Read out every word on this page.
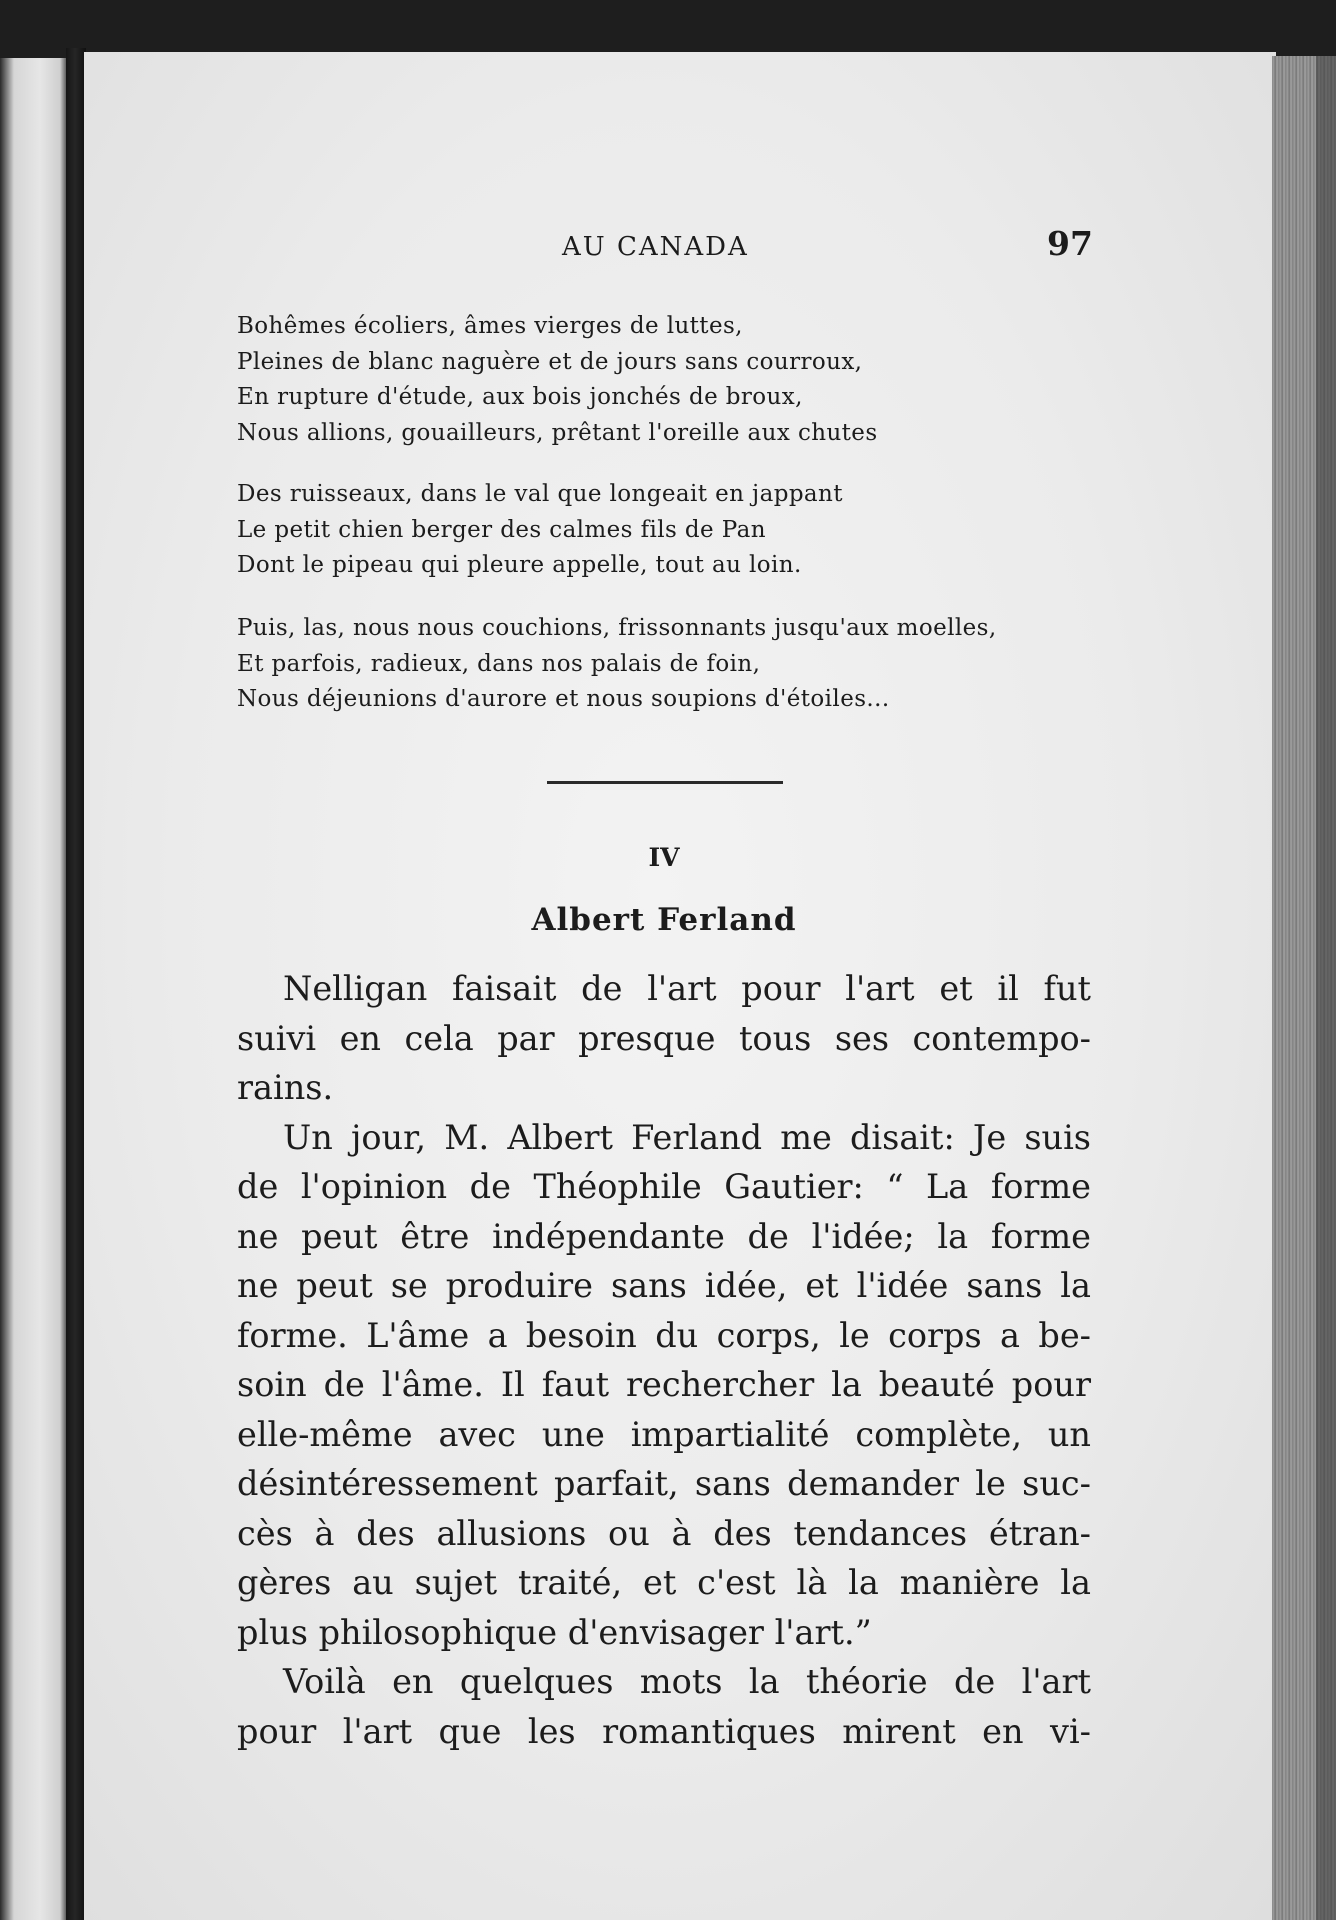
AU CANADA	97
Bohêmes écoliers, âmes vierges de luttes,
Pleines de blanc naguère et de jours sans courroux,
En rupture d'étude, aux bois jonchés de broux,
Nous allions, gouailleurs, prêtant l'oreille aux chutes
Des ruisseaux, dans le val que longeait en jappant
Le petit chien berger des calmes fils de Pan
Dont le pipeau qui pleure appelle, tout au loin.
Puis, las, nous nous couchions, frissonnants jusqu'aux moelles,
Et parfois, radieux, dans nos palais de foin,
Nous déjeunions d'aurore et nous soupions d'étoiles...
IV
Albert Ferland
Nelligan faisait de l'art pour l'art et il fut
suivi en cela par presque tous ses contempo-
rains.
Un jour, M. Albert Ferland me disait: Je suis
de l'opinion de Théophile Gautier: “ La forme
ne peut être indépendante de l'idée; la forme
ne peut se produire sans idée, et l'idée sans la
forme. L'âme a besoin du corps, le corps a be-
soin de l'âme. Il faut rechercher la beauté pour
elle-même avec une impartialité complète, un
désintéressement parfait, sans demander le suc-
cès à des allusions ou à des tendances étran-
gères au sujet traité, et c'est là la manière la
plus philosophique d'envisager l'art.”
Voilà en quelques mots la théorie de l'art
pour l'art que les romantiques mirent en vi-
